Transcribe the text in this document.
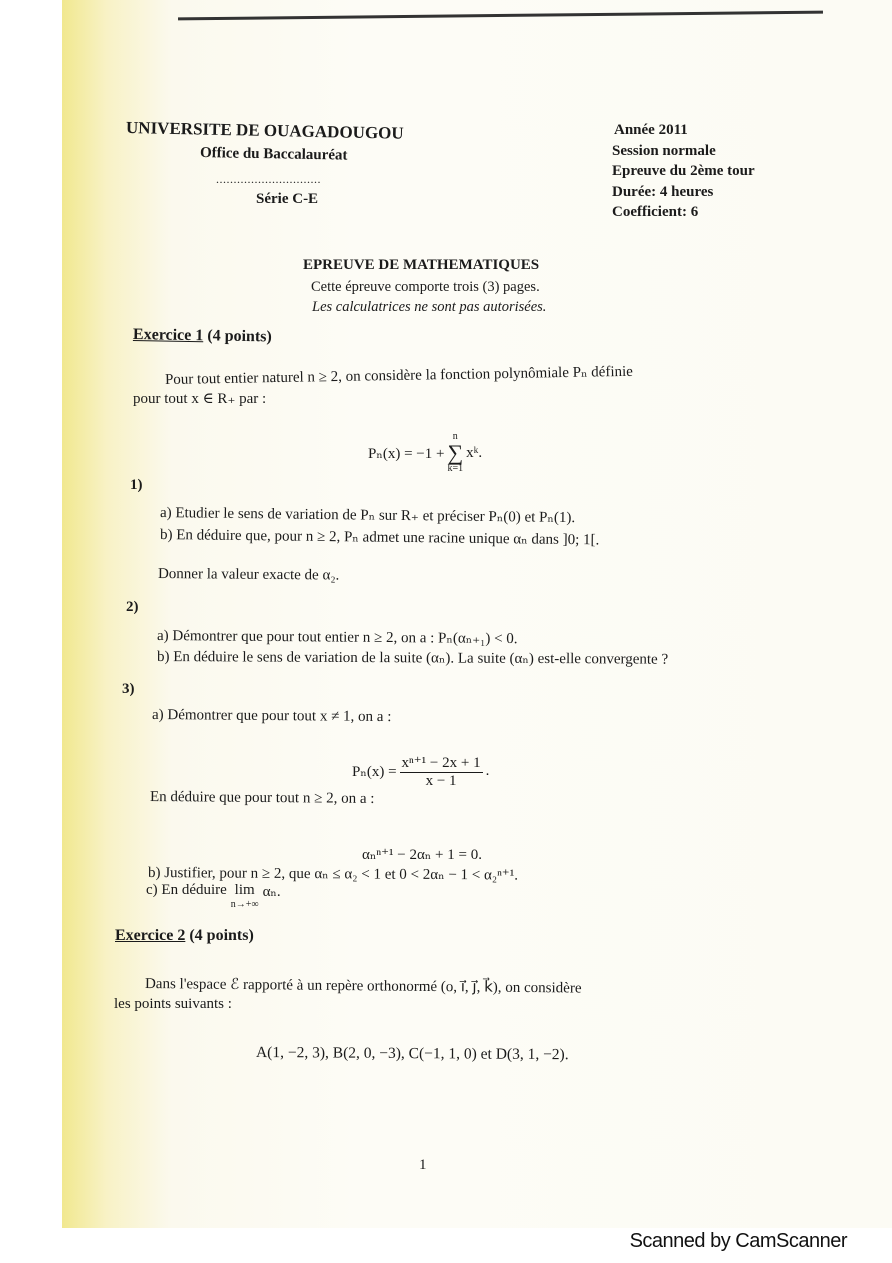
UNIVERSITE DE OUAGADOUGOU
Office du Baccalauréat
..............................
Série C-E
Année 2011
Session normale
Epreuve du 2ème tour
Durée: 4 heures
Coefficient: 6
EPREUVE DE MATHEMATIQUES
Cette épreuve comporte trois (3) pages.
Les calculatrices ne sont pas autorisées.
Exercice 1 (4 points)
Pour tout entier naturel n ≥ 2, on considère la fonction polynômiale Pₙ définie
pour tout x ∈ R₊ par :
Pₙ(x) = −1 +
n
∑
k=1
xᵏ.
1)
a) Etudier le sens de variation de Pₙ sur R₊ et préciser Pₙ(0) et Pₙ(1).
b) En déduire que, pour n ≥ 2, Pₙ admet une racine unique αₙ dans ]0; 1[.
Donner la valeur exacte de α₂.
2)
a) Démontrer que pour tout entier n ≥ 2, on a : Pₙ(αₙ₊₁) < 0.
b) En déduire le sens de variation de la suite (αₙ). La suite (αₙ) est-elle convergente ?
3)
a) Démontrer que pour tout x ≠ 1, on a :
$P_n(x) = \frac{\text{xⁿ⁺¹ − 2x + 1}}{x - 1}$ .
En déduire que pour tout n ≥ 2, on a :
αₙⁿ⁺¹ − 2αₙ + 1 = 0.
b) Justifier, pour n ≥ 2, que αₙ ≤ α₂ < 1 et 0 < 2αₙ − 1 < α₂ⁿ⁺¹.
c) En déduire lim
n→+∞
αₙ.
Exercice 2 (4 points)
Dans l'espace ℰ rapporté à un repère orthonormé (o, i⃗, j⃗, k⃗), on considère
les points suivants :
A(1, −2, 3), B(2, 0, −3), C(−1, 1, 0) et D(3, 1, −2).
1
Scanned by CamScanner
